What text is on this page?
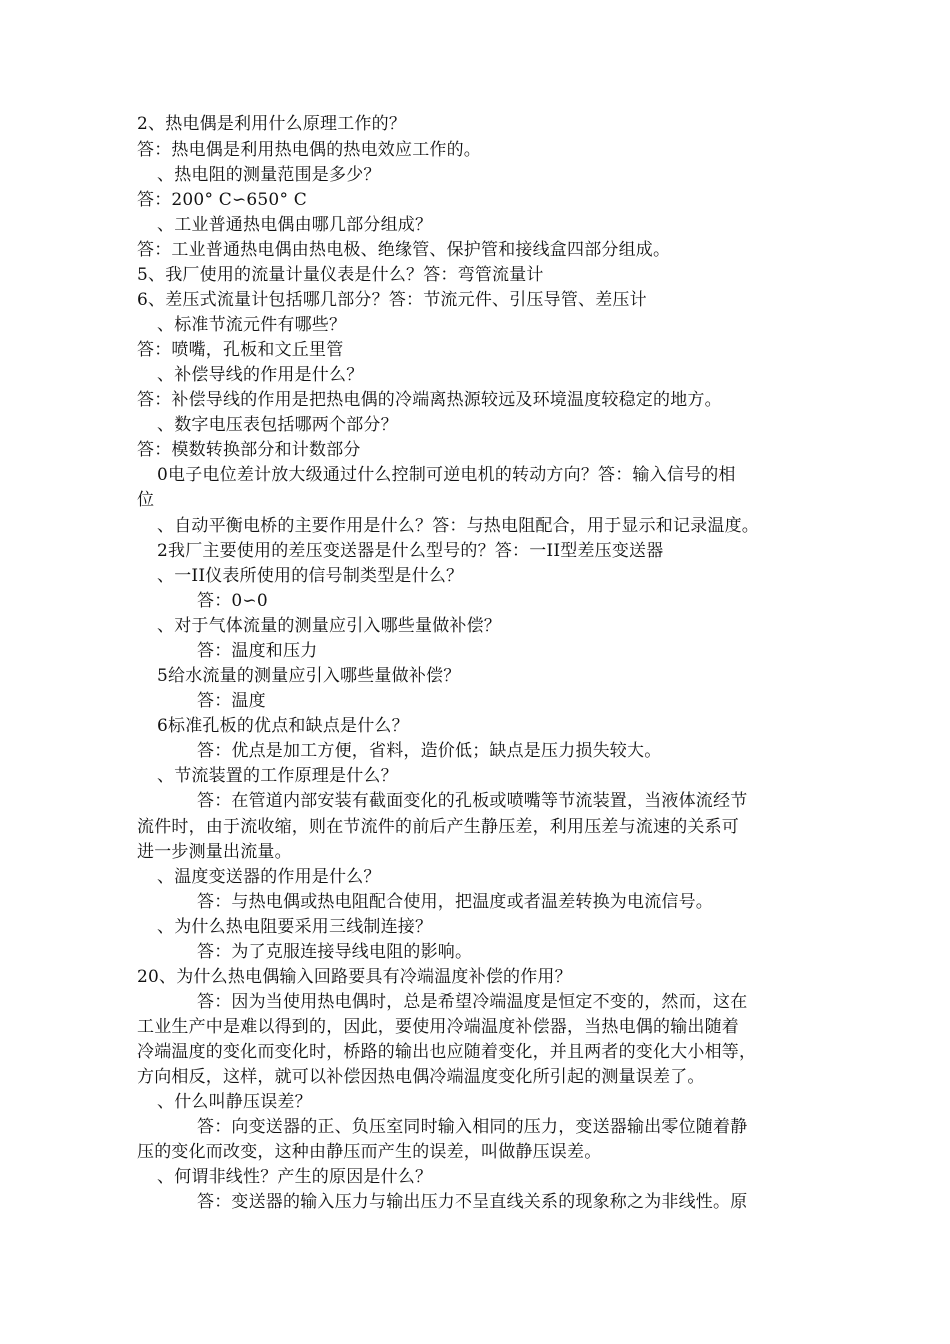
2、热电偶是利用什么原理工作的？
答：热电偶是利用热电偶的热电效应工作的。
、热电阻的测量范围是多少？
答：200° C∽650° C
、工业普通热电偶由哪几部分组成？
答：工业普通热电偶由热电极、绝缘管、保护管和接线盒四部分组成。
5、我厂使用的流量计量仪表是什么？答：弯管流量计
6、差压式流量计包括哪几部分？答：节流元件、引压导管、差压计
、标准节流元件有哪些？
答：喷嘴，孔板和文丘里管
、补偿导线的作用是什么？
答：补偿导线的作用是把热电偶的冷端离热源较远及环境温度较稳定的地方。
、数字电压表包括哪两个部分？
答：模数转换部分和计数部分
0电子电位差计放大级通过什么控制可逆电机的转动方向？答：输入信号的相
位
、自动平衡电桥的主要作用是什么？答：与热电阻配合，用于显示和记录温度。
2我厂主要使用的差压变送器是什么型号的？答：一II型差压变送器
、一II仪表所使用的信号制类型是什么？
答：0∽0
、对于气体流量的测量应引入哪些量做补偿？
答：温度和压力
5给水流量的测量应引入哪些量做补偿？
答：温度
6标准孔板的优点和缺点是什么？
答：优点是加工方便，省料，造价低；缺点是压力损失较大。
、节流装置的工作原理是什么？
答：在管道内部安装有截面变化的孔板或喷嘴等节流装置，当液体流经节
流件时，由于流收缩，则在节流件的前后产生静压差，利用压差与流速的关系可
进一步测量出流量。
、温度变送器的作用是什么？
答：与热电偶或热电阻配合使用，把温度或者温差转换为电流信号。
、为什么热电阻要采用三线制连接？
答：为了克服连接导线电阻的影响。
20、为什么热电偶输入回路要具有冷端温度补偿的作用？
答：因为当使用热电偶时，总是希望冷端温度是恒定不变的，然而，这在
工业生产中是难以得到的，因此，要使用冷端温度补偿器，当热电偶的输出随着
冷端温度的变化而变化时，桥路的输出也应随着变化，并且两者的变化大小相等，
方向相反，这样，就可以补偿因热电偶冷端温度变化所引起的测量误差了。
、什么叫静压误差？
答：向变送器的正、负压室同时输入相同的压力，变送器输出零位随着静
压的变化而改变，这种由静压而产生的误差，叫做静压误差。
、何谓非线性？产生的原因是什么？
答：变送器的输入压力与输出压力不呈直线关系的现象称之为非线性。原
